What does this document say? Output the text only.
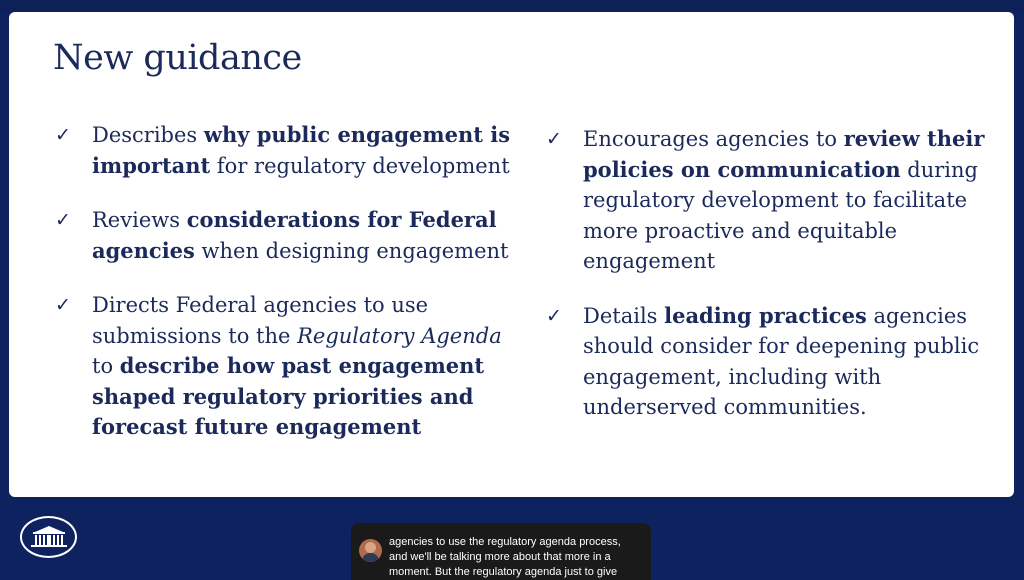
New guidance
✓	Describes why public engagement is important for regulatory development
✓	Reviews considerations for Federal agencies when designing engagement
✓	Directs Federal agencies to use submissions to the Regulatory Agenda to describe how past engagement shaped regulatory priorities and forecast future engagement
✓	Encourages agencies to review their policies on communication during regulatory development to facilitate more proactive and equitable engagement
✓	Details leading practices agencies should consider for deepening public engagement, including with underserved communities.
agencies to use the regulatory agenda process,
and we'll be talking more about that more in a
moment. But the regulatory agenda just to give
